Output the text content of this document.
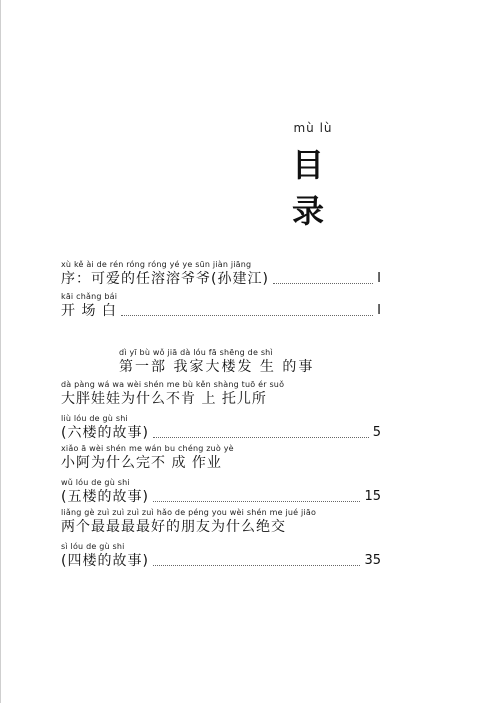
mù lù
目录
xù kě ài de rén róng róng yé ye sūn jiàn jiāng
序：可爱的任溶溶爷爷(孙建江)	I
kāi chǎng bái
开 场 白	I
dì yī bù wǒ jiā dà lóu fā shēng de shì
第一部 我家大楼发 生 的事
dà pàng wá wa wèi shén me bù kěn shàng tuō ér suǒ
大胖娃娃为什么不肯 上 托儿所
liù lóu de gù shi
(六楼的故事)	5
xiǎo ā wèi shén me wán bu chéng zuò yè
小阿为什么完不 成 作业
wǔ lóu de gù shi
(五楼的故事)	15
liǎng gè zuì zuì zuì zuì hǎo de péng you wèi shén me jué jiāo
两个最最最最好的朋友为什么绝交
sì lóu de gù shi
(四楼的故事)	35
